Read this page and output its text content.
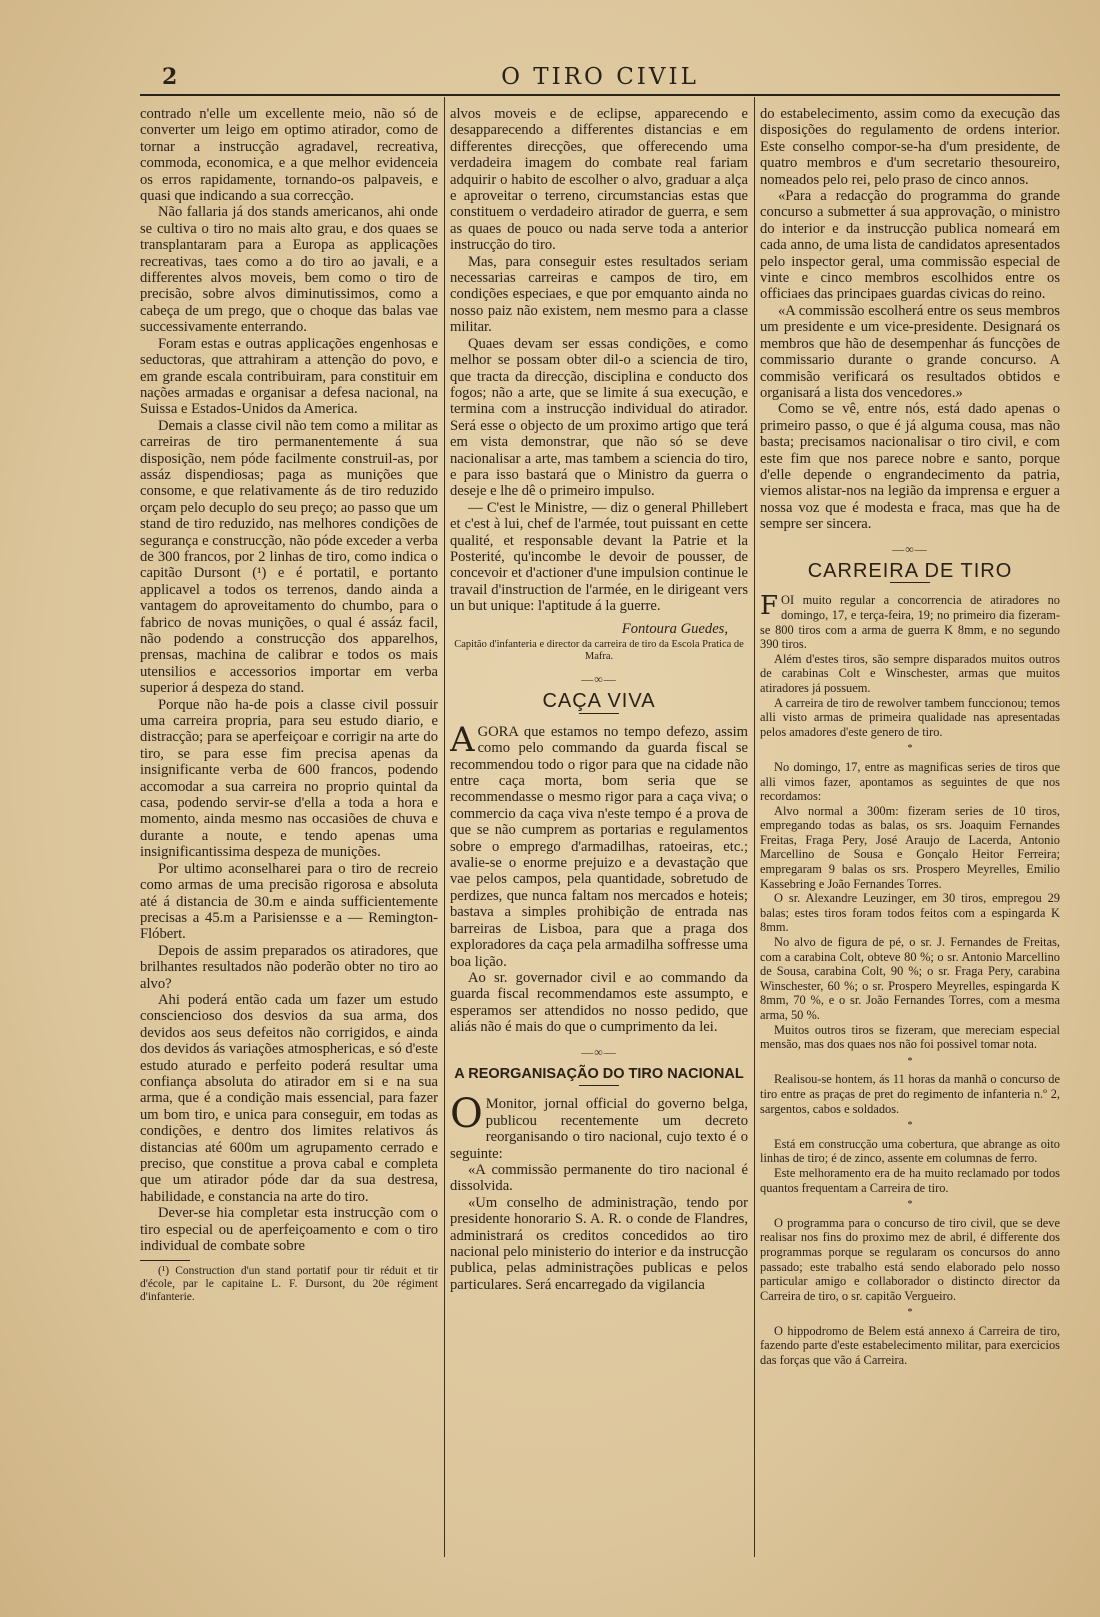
2	O TIRO CIVIL

contrado n'elle um excellente meio, não só de converter um leigo em optimo atirador, como de tornar a instrucção agradavel, recreativa, commoda, economica, e a que melhor evidenceia os erros rapidamente, tornando-os palpaveis, e quasi que indicando a sua correcção.

Não fallaria já dos stands americanos, ahi onde se cultiva o tiro no mais alto grau, e dos quaes se transplantaram para a Europa as applicações recreativas, taes como a do tiro ao javali, e a differentes alvos moveis, bem como o tiro de precisão, sobre alvos diminutissimos, como a cabeça de um prego, que o choque das balas vae successivamente enterrando.

Foram estas e outras applicações engenhosas e seductoras, que attrahiram a attenção do povo, e em grande escala contribuiram, para constituir em nações armadas e organisar a defesa nacional, na Suissa e Estados-Unidos da America.

Demais a classe civil não tem como a militar as carreiras de tiro permanentemente á sua disposição, nem póde facilmente construil-as, por assáz dispendiosas; paga as munições que consome, e que relativamente ás de tiro reduzido orçam pelo decuplo do seu preço; ao passo que um stand de tiro reduzido, nas melhores condições de segurança e construcção, não póde exceder a verba de 300 francos, por 2 linhas de tiro, como indica o capitão Dursont (¹) e é portatil, e portanto applicavel a todos os terrenos, dando ainda a vantagem do aproveitamento do chumbo, para o fabrico de novas munições, o qual é assáz facil, não podendo a construcção dos apparelhos, prensas, machina de calibrar e todos os mais utensilios e accessorios importar em verba superior á despeza do stand.

Porque não ha-de pois a classe civil possuir uma carreira propria, para seu estudo diario, e distracção; para se aperfeiçoar e corrigir na arte do tiro, se para esse fim precisa apenas da insignificante verba de 600 francos, podendo accomodar a sua carreira no proprio quintal da casa, podendo servir-se d'ella a toda a hora e momento, ainda mesmo nas occasiões de chuva e durante a noute, e tendo apenas uma insignificantissima despeza de munições.

Por ultimo aconselharei para o tiro de recreio como armas de uma precisão rigorosa e absoluta até á distancia de 30.m e ainda sufficientemente precisas a 45.m a Parisiensse e a — Remington-Flóbert.

Depois de assim preparados os atiradores, que brilhantes resultados não poderão obter no tiro ao alvo?

Ahi poderá então cada um fazer um estudo consciencioso dos desvios da sua arma, dos devidos aos seus defeitos não corrigidos, e ainda dos devidos ás variações atmosphericas, e só d'este estudo aturado e perfeito poderá resultar uma confiança absoluta do atirador em si e na sua arma, que é a condição mais essencial, para fazer um bom tiro, e unica para conseguir, em todas as condições, e dentro dos limites relativos ás distancias até 600m um agrupamento cerrado e preciso, que constitue a prova cabal e completa que um atirador póde dar da sua destresa, habilidade, e constancia na arte do tiro.

Dever-se hia completar esta instrucção com o tiro especial ou de aperfeiçoamento e com o tiro individual de combate sobre

(¹) Construction d'un stand portatif pour tir réduit et tir d'école, par le capitaine L. F. Dursont, du 20e régiment d'infanterie.

alvos moveis e de eclipse, apparecendo e desapparecendo a differentes distancias e em differentes direcções, que offerecendo uma verdadeira imagem do combate real fariam adquirir o habito de escolher o alvo, graduar a alça e aproveitar o terreno, circumstancias estas que constituem o verdadeiro atirador de guerra, e sem as quaes de pouco ou nada serve toda a anterior instrucção do tiro.

Mas, para conseguir estes resultados seriam necessarias carreiras e campos de tiro, em condições especiaes, e que por emquanto ainda no nosso paiz não existem, nem mesmo para a classe militar.

Quaes devam ser essas condições, e como melhor se possam obter dil-o a sciencia de tiro, que tracta da direcção, disciplina e conducto dos fogos; não a arte, que se limite á sua execução, e termina com a instrucção individual do atirador. Será esse o objecto de um proximo artigo que terá em vista demonstrar, que não só se deve nacionalisar a arte, mas tambem a sciencia do tiro, e para isso bastará que o Ministro da guerra o deseje e lhe dê o primeiro impulso.

— C'est le Ministre, — diz o general Phillebert et c'est à lui, chef de l'armée, tout puissant en cette qualité, et responsable devant la Patrie et la Posterité, qu'incombe le devoir de pousser, de concevoir et d'actioner d'une impulsion continue le travail d'instruction de l'armée, en le dirigeant vers un but unique: l'aptitude á la guerre.

Fontoura Guedes,
Capitão d'infanteria e director da carreira de tiro da Escola Pratica de Mafra.
—∞—
CAÇA VIVA

AGORA que estamos no tempo defezo, assim como pelo commando da guarda fiscal se recommendou todo o rigor para que na cidade não entre caça morta, bom seria que se recommendasse o mesmo rigor para a caça viva; o commercio da caça viva n'este tempo é a prova de que se não cumprem as portarias e regulamentos sobre o emprego d'armadilhas, ratoeiras, etc.; avalie-se o enorme prejuizo e a devastação que vae pelos campos, pela quantidade, sobretudo de perdizes, que nunca faltam nos mercados e hoteis; bastava a simples prohibição de entrada nas barreiras de Lisboa, para que a praga dos exploradores da caça pela armadilha soffresse uma boa lição.

Ao sr. governador civil e ao commando da guarda fiscal recommendamos este assumpto, e esperamos ser attendidos no nosso pedido, que aliás não é mais do que o cumprimento da lei.

—∞—
A REORGANISAÇÃO DO TIRO NACIONAL

O Monitor, jornal official do governo belga, publicou recentemente um decreto reorganisando o tiro nacional, cujo texto é o seguinte:

«A commissão permanente do tiro nacional é dissolvida.

«Um conselho de administração, tendo por presidente honorario S. A. R. o conde de Flandres, administrará os creditos concedidos ao tiro nacional pelo ministerio do interior e da instrucção publica, pelas administrações publicas e pelos particulares. Será encarregado da vigilancia

do estabelecimento, assim como da execução das disposições do regulamento de ordens interior. Este conselho compor-se-ha d'um presidente, de quatro membros e d'um secretario thesoureiro, nomeados pelo rei, pelo praso de cinco annos.

«Para a redacção do programma do grande concurso a submetter á sua approvação, o ministro do interior e da instrucção publica nomeará em cada anno, de uma lista de candidatos apresentados pelo inspector geral, uma commissão especial de vinte e cinco membros escolhidos entre os officiaes das principaes guardas civicas do reino.

«A commissão escolherá entre os seus membros um presidente e um vice-presidente. Designará os membros que hão de desempenhar ás funcções de commissario durante o grande concurso. A commisão verificará os resultados obtidos e organisará a lista dos vencedores.»

Como se vê, entre nós, está dado apenas o primeiro passo, o que é já alguma cousa, mas não basta; precisamos nacionalisar o tiro civil, e com este fim que nos parece nobre e santo, porque d'elle depende o engrandecimento da patria, viemos alistar-nos na legião da imprensa e erguer a nossa voz que é modesta e fraca, mas que ha de sempre ser sincera.

—∞—
CARREIRA DE TIRO

FOI muito regular a concorrencia de atiradores no domingo, 17, e terça-feira, 19; no primeiro dia fizeram-se 800 tiros com a arma de guerra K 8mm, e no segundo 390 tiros.

Além d'estes tiros, são sempre disparados muitos outros de carabinas Colt e Winschester, armas que muitos atiradores já possuem.

A carreira de tiro de rewolver tambem funccionou; temos alli visto armas de primeira qualidade nas apresentadas pelos amadores d'este genero de tiro.

*

No domingo, 17, entre as magnificas series de tiros que alli vimos fazer, apontamos as seguintes de que nos recordamos:

Alvo normal a 300m: fizeram series de 10 tiros, empregando todas as balas, os srs. Joaquim Fernandes Freitas, Fraga Pery, José Araujo de Lacerda, Antonio Marcellino de Sousa e Gonçalo Heitor Ferreira; empregaram 9 balas os srs. Prospero Meyrelles, Emilio Kassebring e João Fernandes Torres.

O sr. Alexandre Leuzinger, em 30 tiros, empregou 29 balas; estes tiros foram todos feitos com a espingarda K 8mm.

No alvo de figura de pé, o sr. J. Fernandes de Freitas, com a carabina Colt, obteve 80 %; o sr. Antonio Marcellino de Sousa, carabina Colt, 90 %; o sr. Fraga Pery, carabina Winschester, 60 %; o sr. Prospero Meyrelles, espingarda K 8mm, 70 %, e o sr. João Fernandes Torres, com a mesma arma, 50 %.

Muitos outros tiros se fizeram, que mereciam especial mensão, mas dos quaes nos não foi possivel tomar nota.

*

Realisou-se hontem, ás 11 horas da manhã o concurso de tiro entre as praças de pret do regimento de infanteria n.º 2, sargentos, cabos e soldados.

*

Está em construcção uma cobertura, que abrange as oito linhas de tiro; é de zinco, assente em columnas de ferro.

Este melhoramento era de ha muito reclamado por todos quantos frequentam a Carreira de tiro.

*

O programma para o concurso de tiro civil, que se deve realisar nos fins do proximo mez de abril, é differente dos programmas porque se regularam os concursos do anno passado; este trabalho está sendo elaborado pelo nosso particular amigo e collaborador o distincto director da Carreira de tiro, o sr. capitão Vergueiro.

*

O hippodromo de Belem está annexo á Carreira de tiro, fazendo parte d'este estabelecimento militar, para exercicios das forças que vão á Carreira.
